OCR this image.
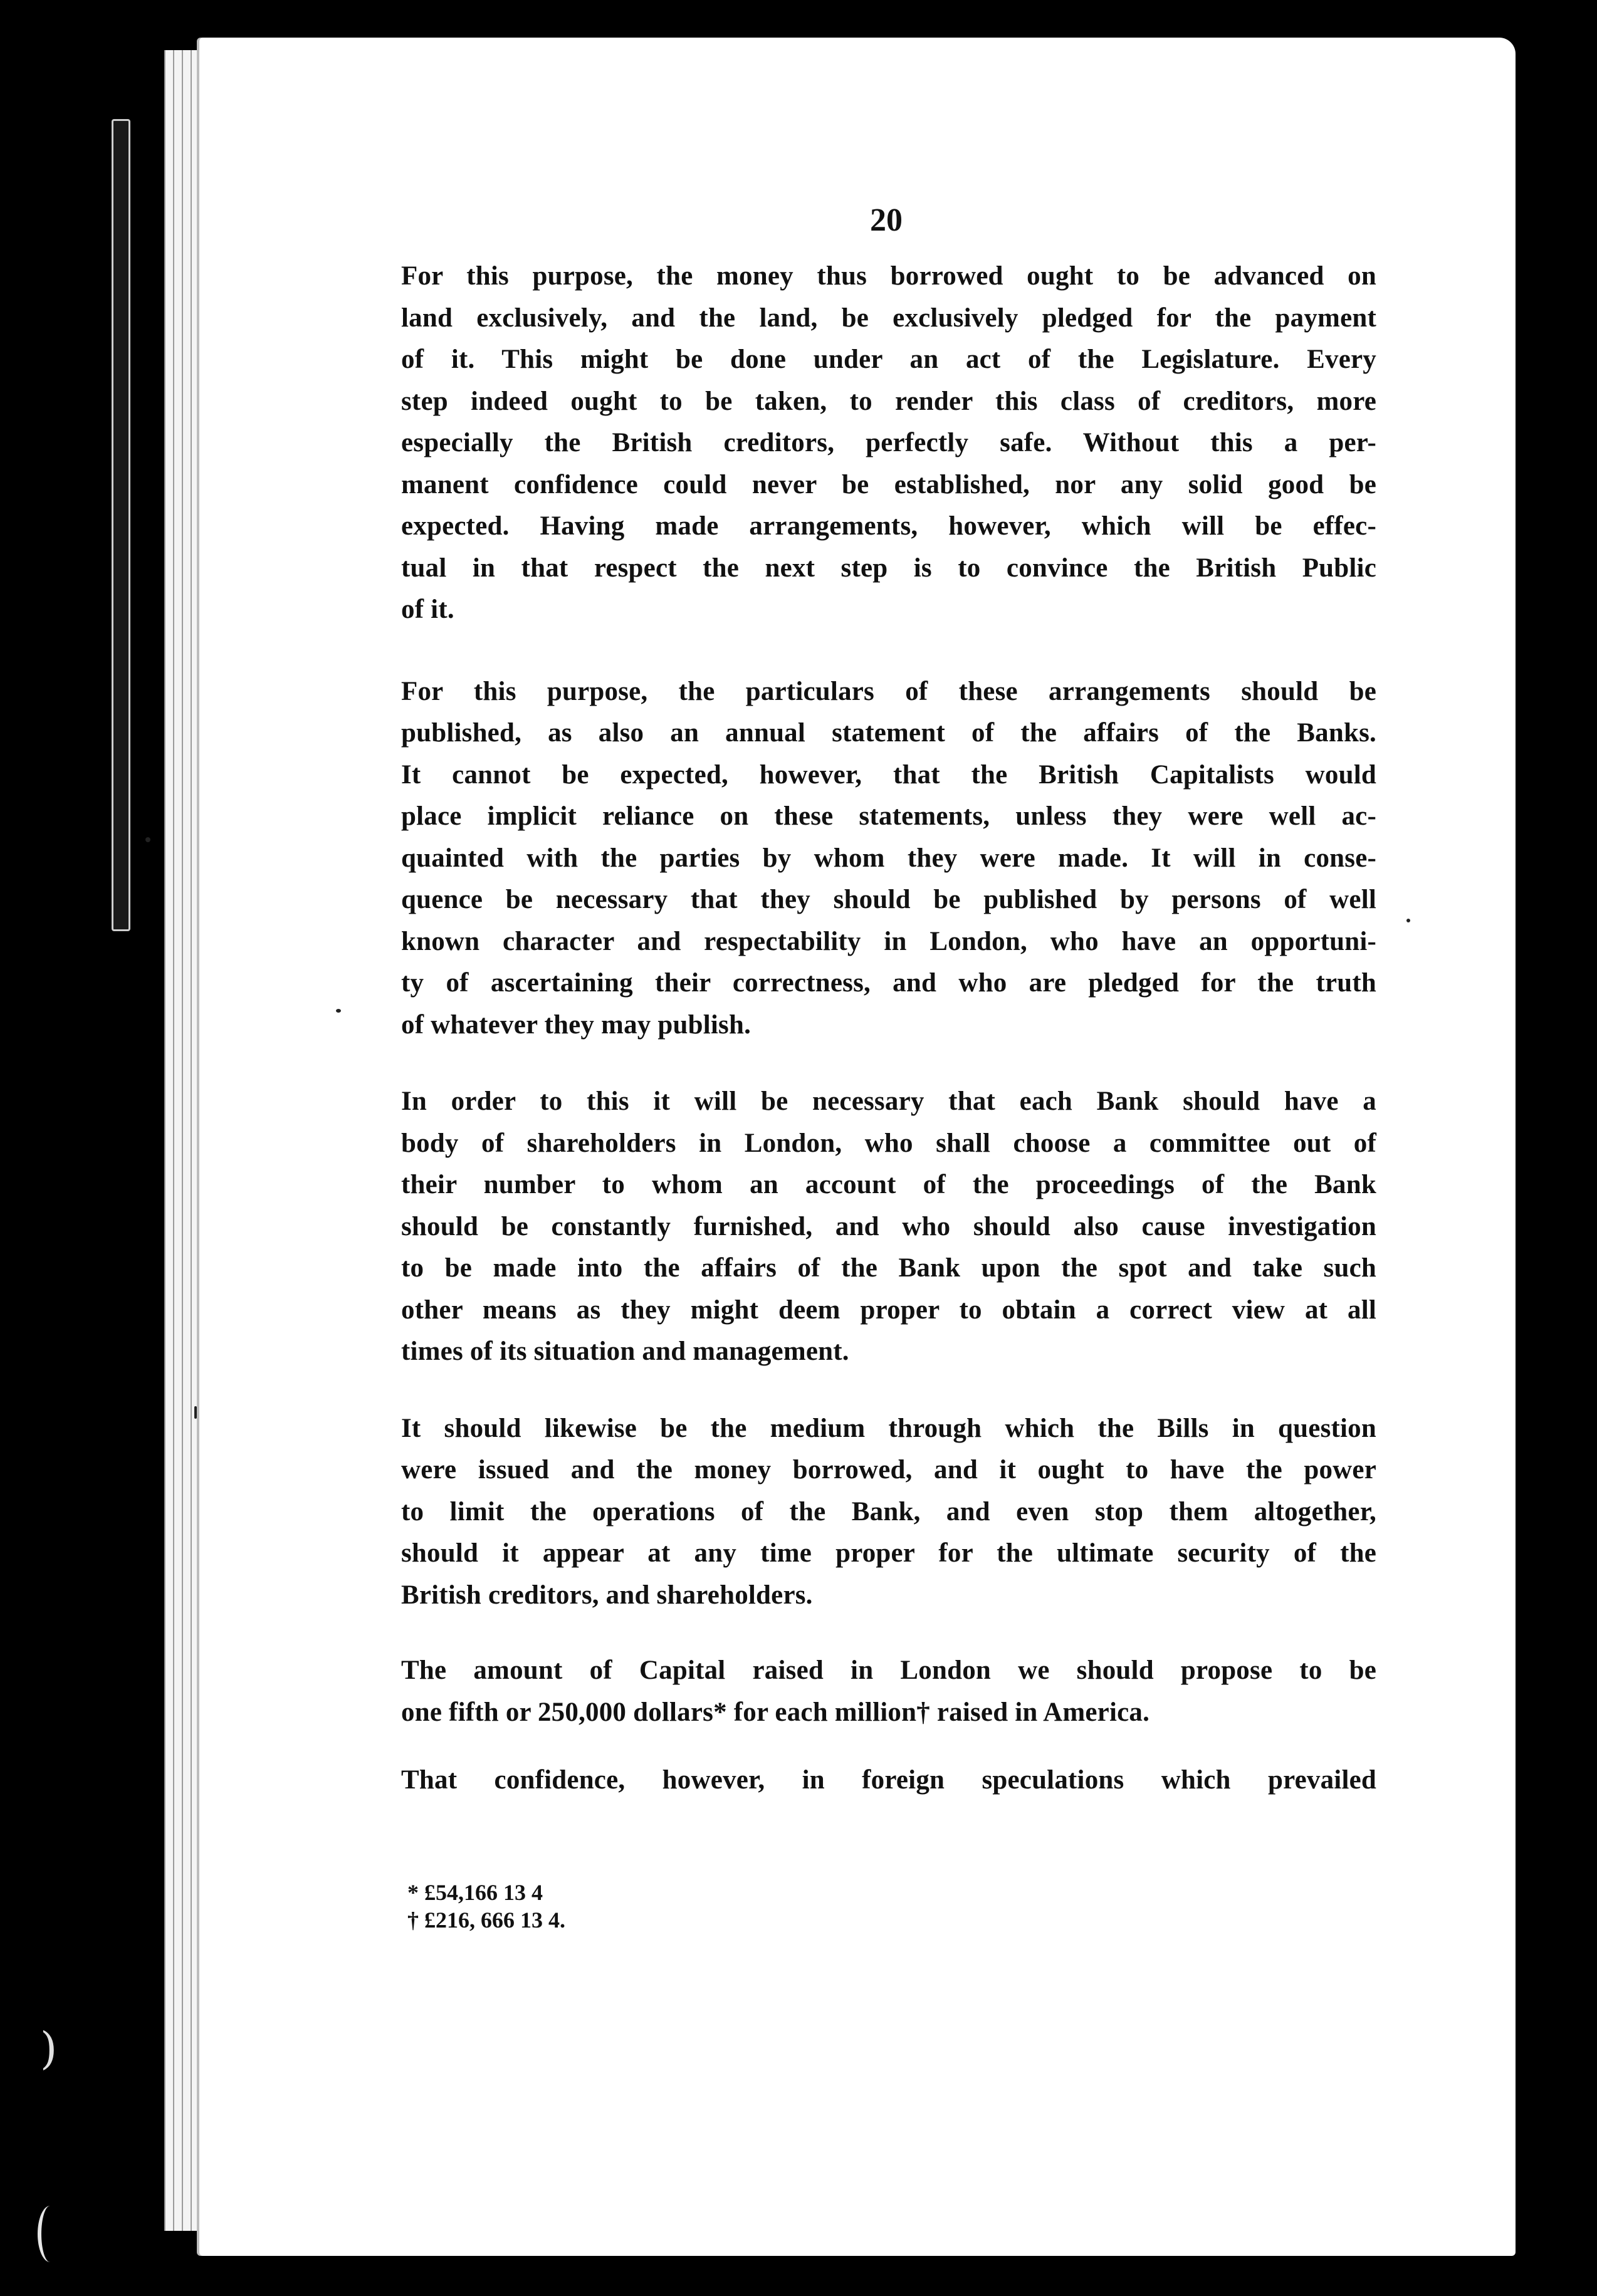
)
20

For this purpose, the money thus borrowed ought to be advanced on
land exclusively, and the land, be exclusively pledged for the payment
of it. This might be done under an act of the Legislature. Every
step indeed ought to be taken, to render this class of creditors, more
especially the British creditors, perfectly safe. Without this a per-
manent confidence could never be established, nor any solid good be
expected. Having made arrangements, however, which will be effec-
tual in that respect the next step is to convince the British Public
of it.

For this purpose, the particulars of these arrangements should be
published, as also an annual statement of the affairs of the Banks.
It cannot be expected, however, that the British Capitalists would
place implicit reliance on these statements, unless they were well ac-
quainted with the parties by whom they were made. It will in conse-
quence be necessary that they should be published by persons of well
known character and respectability in London, who have an opportuni-
ty of ascertaining their correctness, and who are pledged for the truth
of whatever they may publish.

In order to this it will be necessary that each Bank should have a
body of shareholders in London, who shall choose a committee out of
their number to whom an account of the proceedings of the Bank
should be constantly furnished, and who should also cause investigation
to be made into the affairs of the Bank upon the spot and take such
other means as they might deem proper to obtain a correct view at all
times of its situation and management.

It should likewise be the medium through which the Bills in question
were issued and the money borrowed, and it ought to have the power
to limit the operations of the Bank, and even stop them altogether,
should it appear at any time proper for the ultimate security of the
British creditors, and shareholders.

The amount of Capital raised in London we should propose to be
one fifth or 250,000 dollars* for each million† raised in America.

That confidence, however, in foreign speculations which prevailed

* £54,166 13 4
† £216, 666 13 4.
